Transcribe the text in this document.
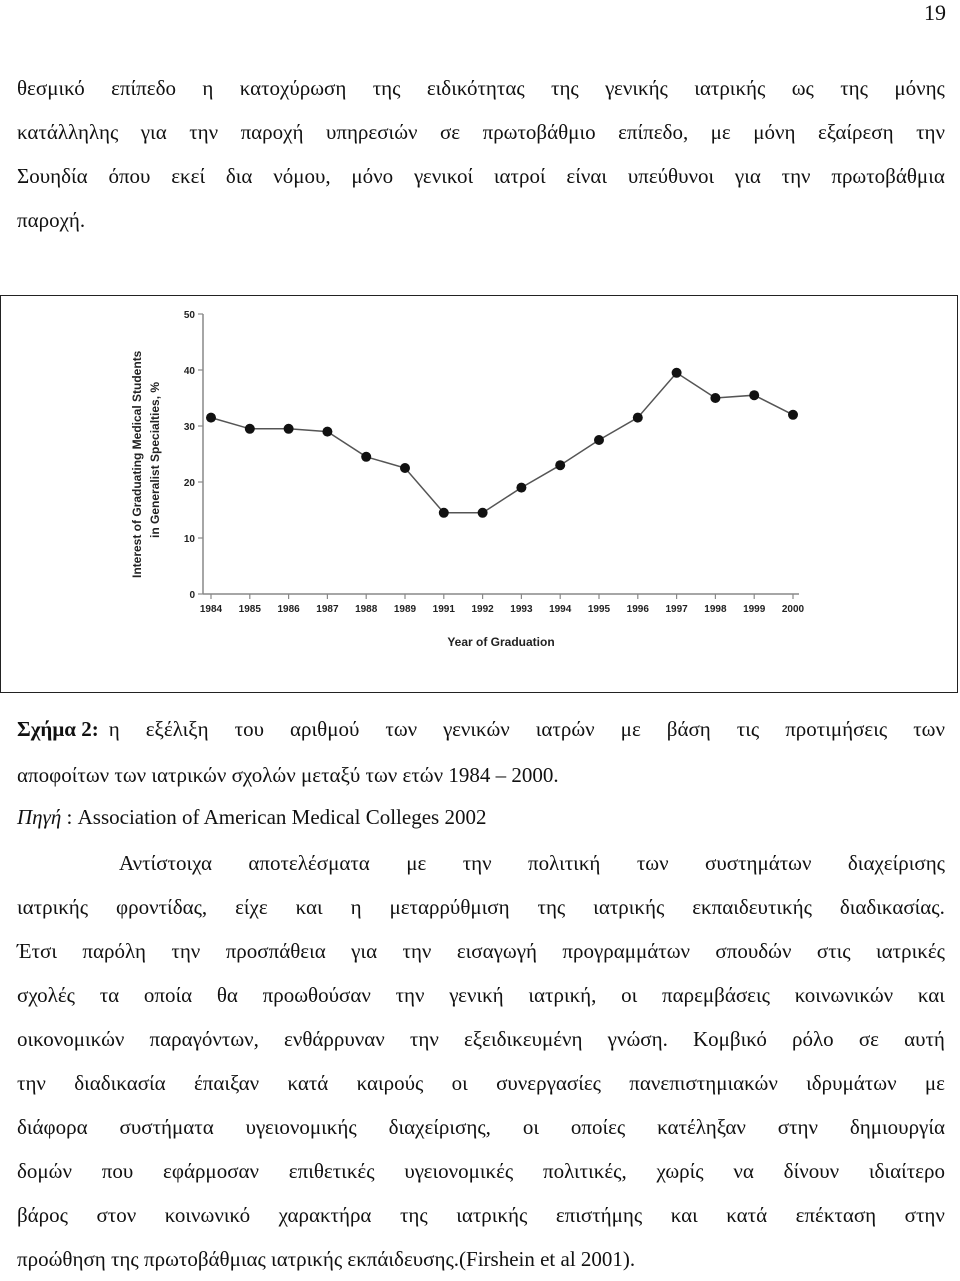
19
θεσμικό επίπεδο η κατοχύρωση της ειδικότητας της γενικής ιατρικής ως της μόνης
κατάλληλης για την παροχή υπηρεσιών σε πρωτοβάθμιο επίπεδο, με μόνη εξαίρεση την
Σουηδία όπου εκεί δια νόμου, μόνο γενικοί ιατροί είναι υπεύθυνοι για την πρωτοβάθμια
παροχή.
Interest of Graduating Medical Students in Generalist Specialties, %
Year of Graduation
0
10
20
30
40
50
1984 1985 1986 1987 1988 1989 1991 1992 1993 1994 1995 1996 1997 1998 1999 2000
Σχήμα 2: η εξέλιξη του αριθμού των γενικών ιατρών με βάση τις προτιμήσεις των
αποφοίτων των ιατρικών σχολών μεταξύ των ετών 1984 – 2000.
Πηγή : Association of American Medical Colleges 2002
Αντίστοιχα αποτελέσματα με την πολιτική των συστημάτων διαχείρισης
ιατρικής φροντίδας, είχε και η μεταρρύθμιση της ιατρικής εκπαιδευτικής διαδικασίας.
Έτσι παρόλη την προσπάθεια για την εισαγωγή προγραμμάτων σπουδών στις ιατρικές
σχολές τα οποία θα προωθούσαν την γενική ιατρική, οι παρεμβάσεις κοινωνικών και
οικονομικών παραγόντων, ενθάρρυναν την εξειδικευμένη γνώση. Κομβικό ρόλο σε αυτή
την διαδικασία έπαιξαν κατά καιρούς οι συνεργασίες πανεπιστημιακών ιδρυμάτων με
διάφορα συστήματα υγειονομικής διαχείρισης, οι οποίες κατέληξαν στην δημιουργία
δομών που εφάρμοσαν επιθετικές υγειονομικές πολιτικές, χωρίς να δίνουν ιδιαίτερο
βάρος στον κοινωνικό χαρακτήρα της ιατρικής επιστήμης και κατά επέκταση στην
προώθηση της πρωτοβάθμιας ιατρικής εκπάιδευσης.(Firshein et al 2001).
